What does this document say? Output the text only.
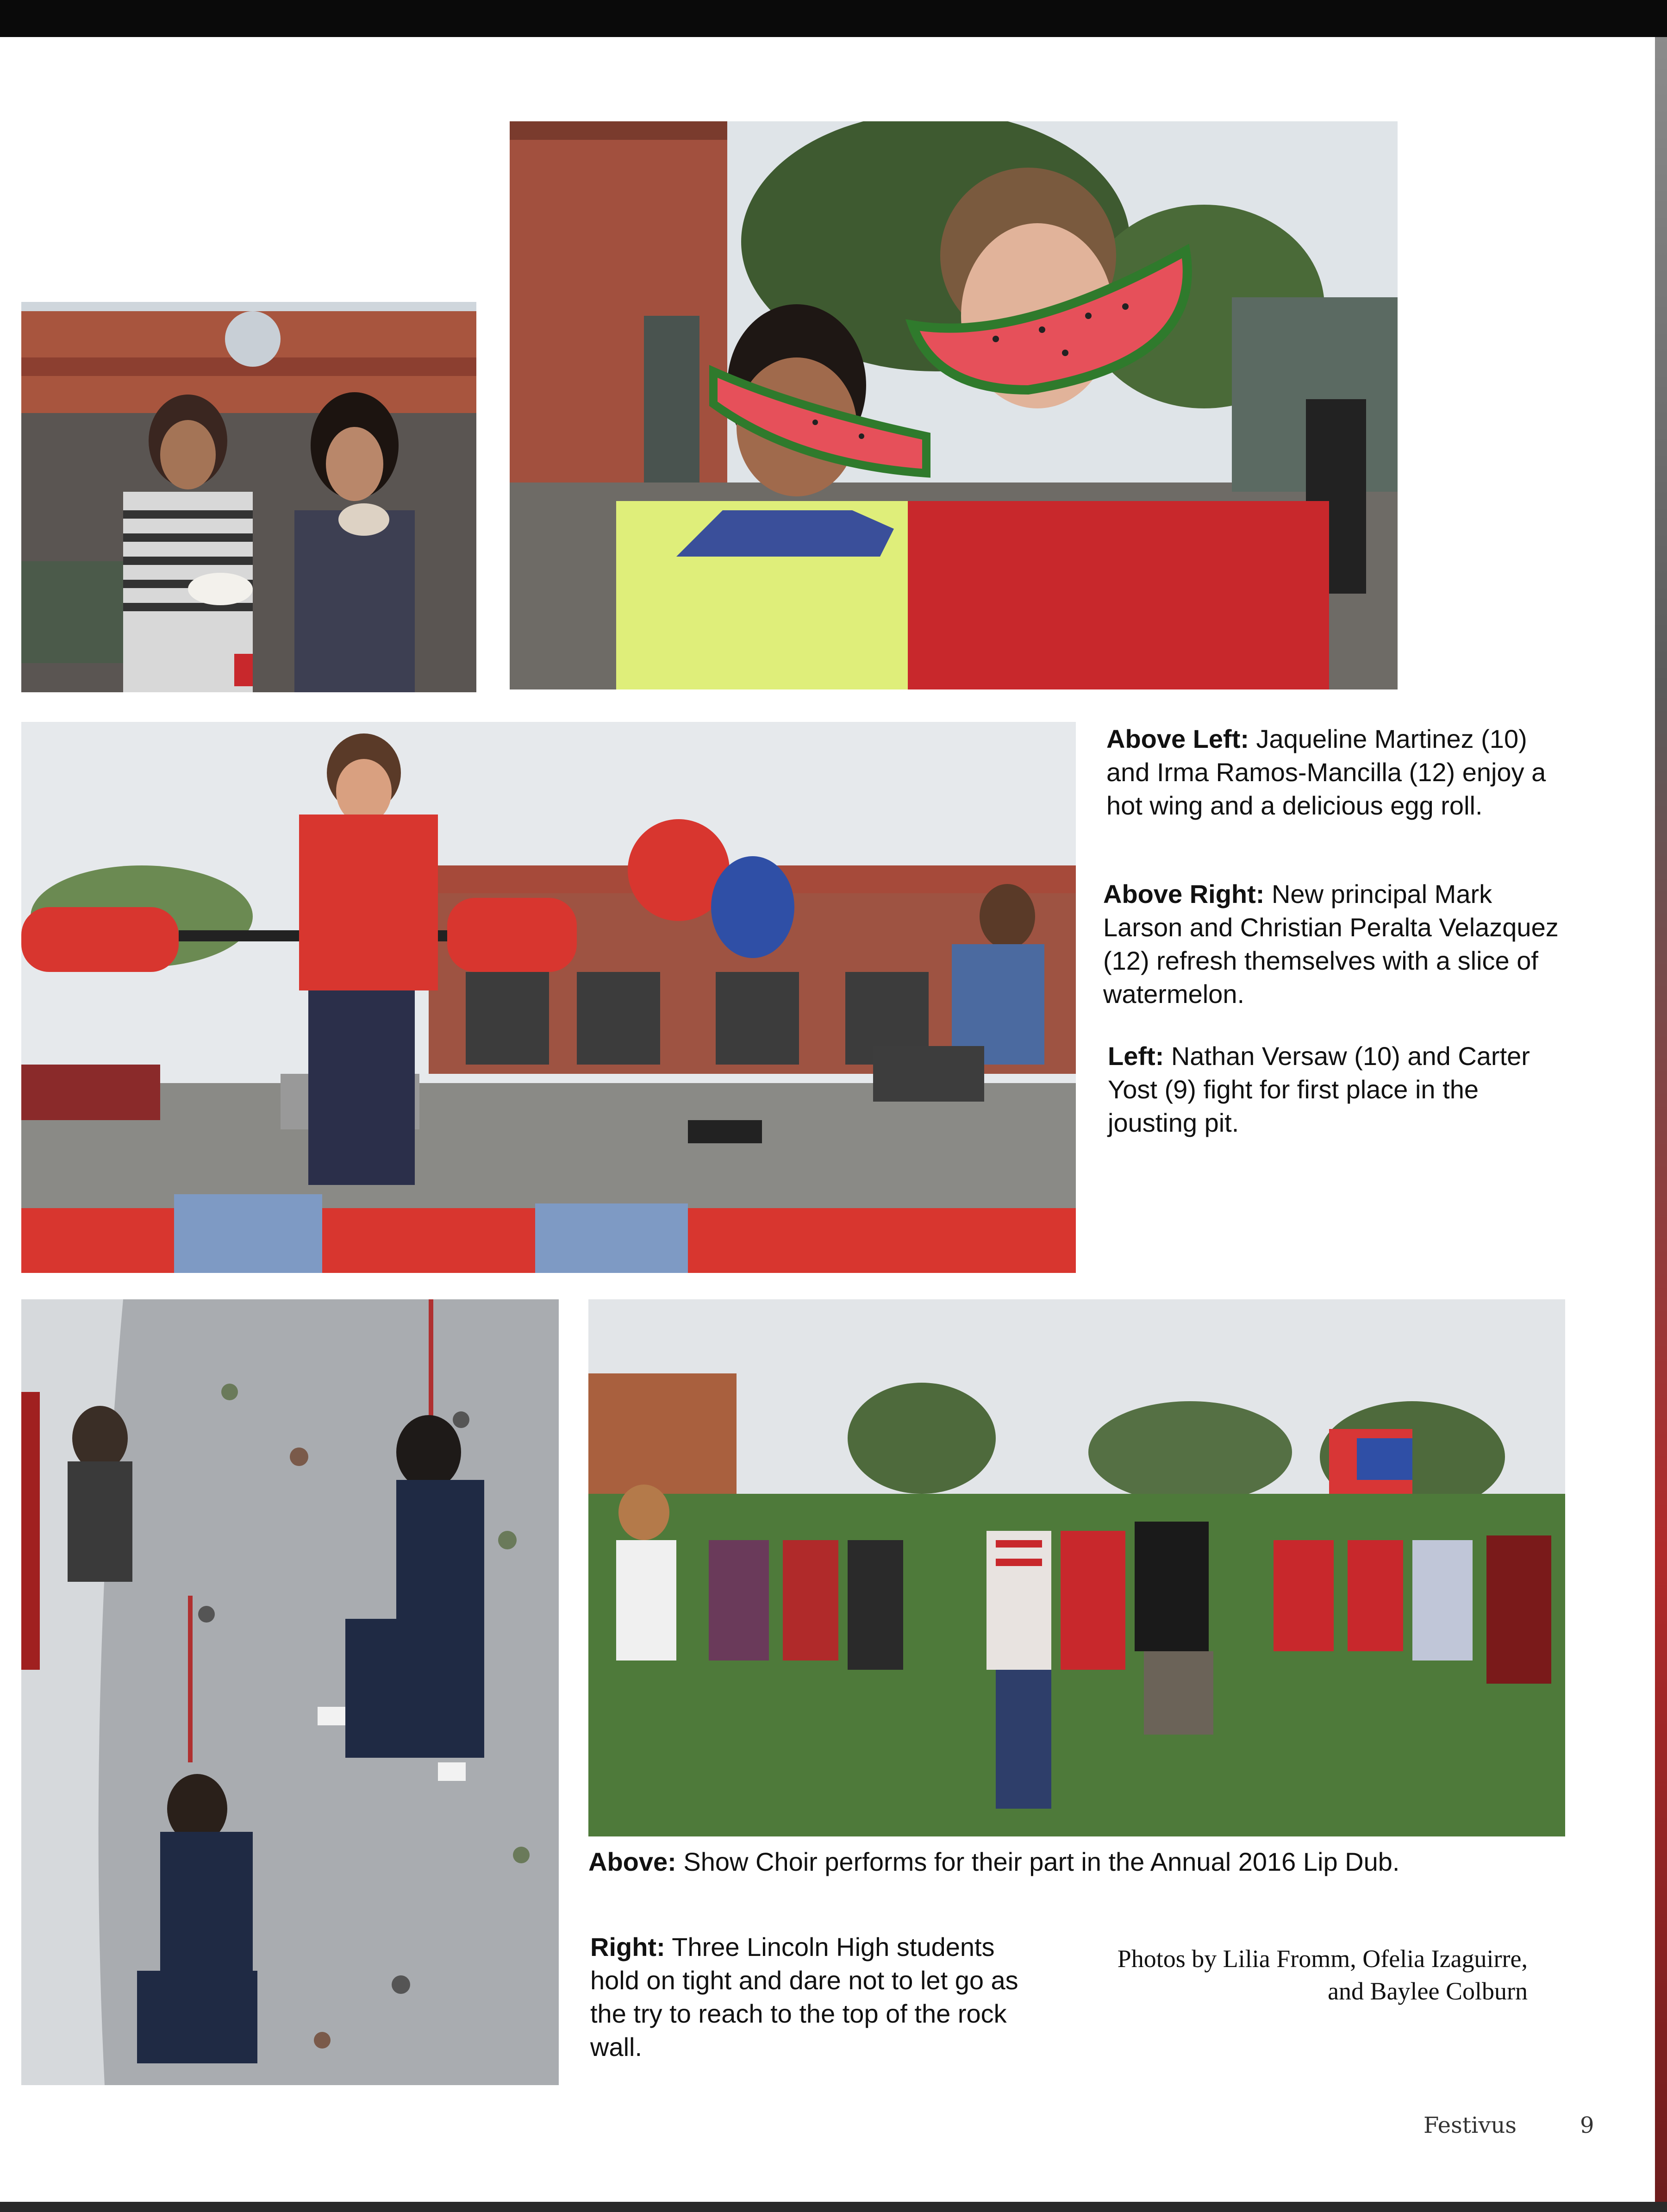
Above Left: Jaqueline Martinez (10) and Irma Ramos-Mancilla (12) enjoy a hot wing and a delicious egg roll.
Above Right: New principal Mark Larson and Christian Peralta Velazquez (12) refresh themselves with a slice of watermelon.
Left: Nathan Versaw (10) and Carter Yost (9) fight for first place in the jousting pit.
Above: Show Choir performs for their part in the Annual 2016 Lip Dub.
Right: Three Lincoln High students hold on tight and dare not to let go as the try to reach to the top of the rock wall.
Photos by Lilia Fromm, Ofelia Izaguirre,
and Baylee Colburn
Festivus	9
